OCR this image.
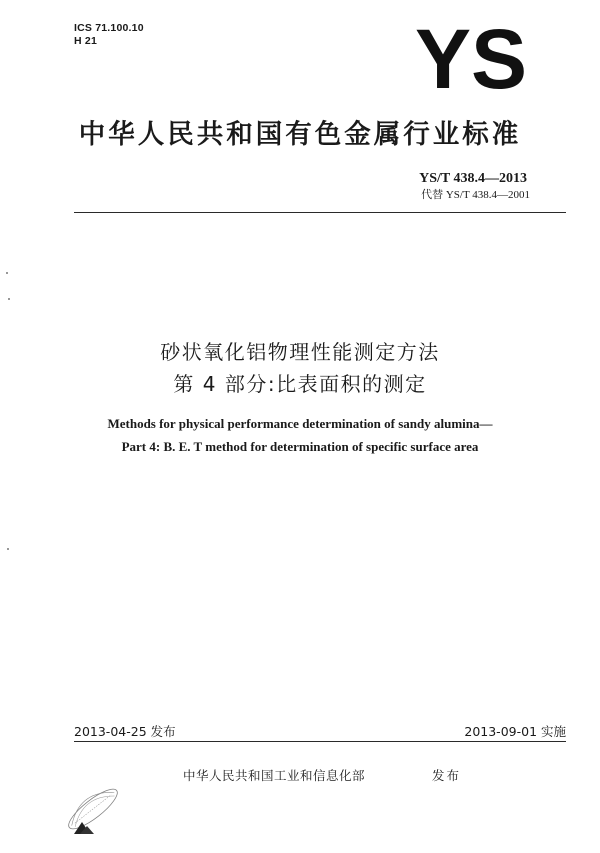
ICS 71.100.10
H 21	YS
中华人民共和国有色金属行业标准
YS/T 438.4—2013
代替 YS/T 438.4—2001
砂状氧化铝物理性能测定方法
第 4 部分:比表面积的测定
Methods for physical performance determination of sandy alumina—
Part 4: B. E. T method for determination of specific surface area
2013-04-25 发布	2013-09-01 实施
中华人民共和国工业和信息化部	发布
